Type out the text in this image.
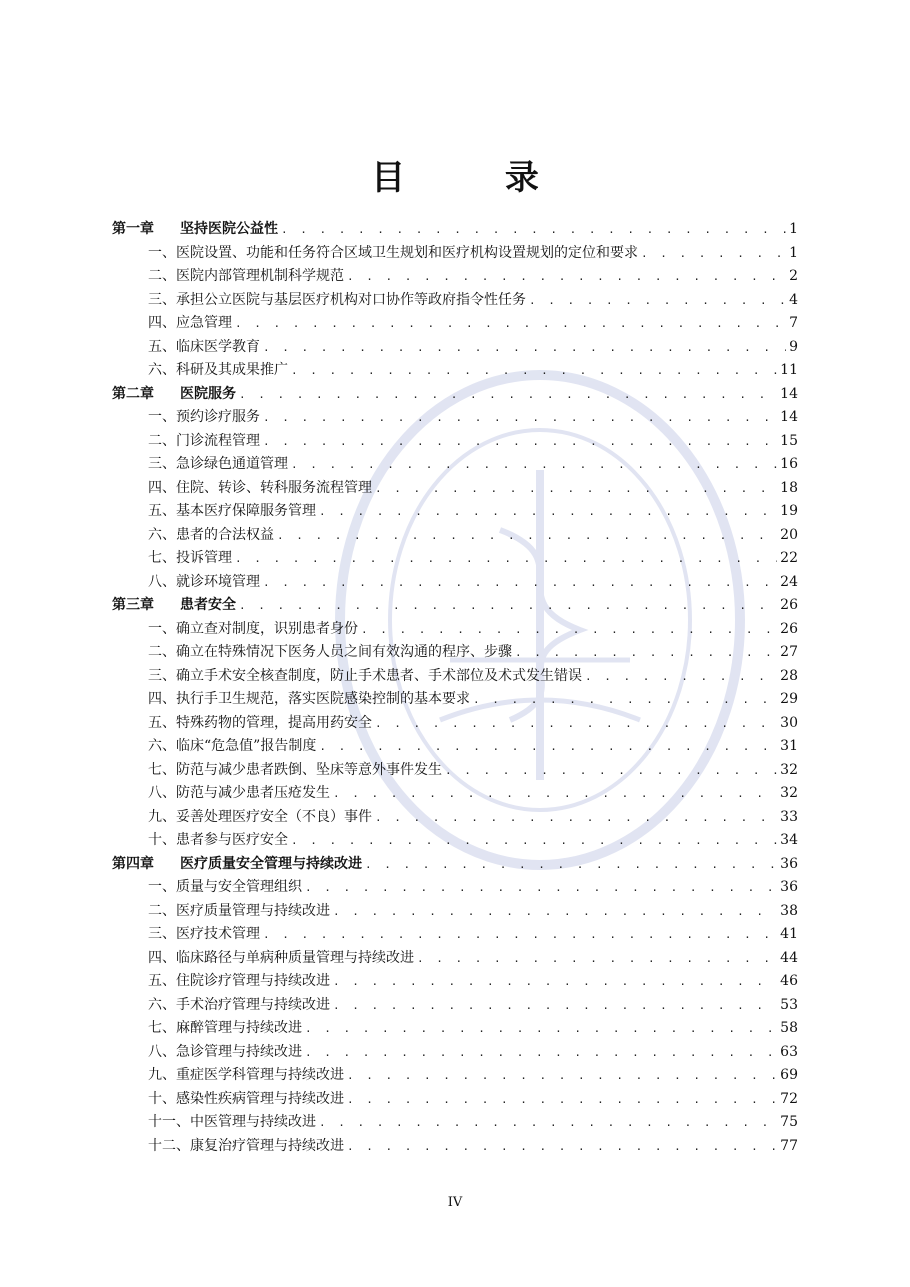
目 录
第一章 坚持医院公益性 . . .	1
一、医院设置、功能和任务符合区域卫生规划和医疗机构设置规划的定位和要求 . . .	1
二、医院内部管理机制科学规范 . . .	2
三、承担公立医院与基层医疗机构对口协作等政府指令性任务 . . .	4
四、应急管理 . . .	7
五、临床医学教育 . . .	9
六、科研及其成果推广 . . .	11
第二章 医院服务 . . .	14
一、预约诊疗服务 . . .	14
二、门诊流程管理 . . .	15
三、急诊绿色通道管理 . . .	16
四、住院、转诊、转科服务流程管理 . . .	18
五、基本医疗保障服务管理 . . .	19
六、患者的合法权益 . . .	20
七、投诉管理 . . .	22
八、就诊环境管理 . . .	24
第三章 患者安全 . . .	26
一、确立查对制度，识别患者身份 . . .	26
二、确立在特殊情况下医务人员之间有效沟通的程序、步骤 . . .	27
三、确立手术安全核查制度，防止手术患者、手术部位及术式发生错误 . . .	28
四、执行手卫生规范，落实医院感染控制的基本要求 . . .	29
五、特殊药物的管理，提高用药安全 . . .	30
六、临床“危急值”报告制度 . . .	31
七、防范与减少患者跌倒、坠床等意外事件发生 . . .	32
八、防范与减少患者压疮发生 . . .	32
九、妥善处理医疗安全（不良）事件 . . .	33
十、患者参与医疗安全 . . .	34
第四章 医疗质量安全管理与持续改进 . . .	36
一、质量与安全管理组织 . . .	36
二、医疗质量管理与持续改进 . . .	38
三、医疗技术管理 . . .	41
四、临床路径与单病种质量管理与持续改进 . . .	44
五、住院诊疗管理与持续改进 . . .	46
六、手术治疗管理与持续改进 . . .	53
七、麻醉管理与持续改进 . . .	58
八、急诊管理与持续改进 . . .	63
九、重症医学科管理与持续改进 . . .	69
十、感染性疾病管理与持续改进 . . .	72
十一、中医管理与持续改进 . . .	75
十二、康复治疗管理与持续改进 . . .	77
IV
